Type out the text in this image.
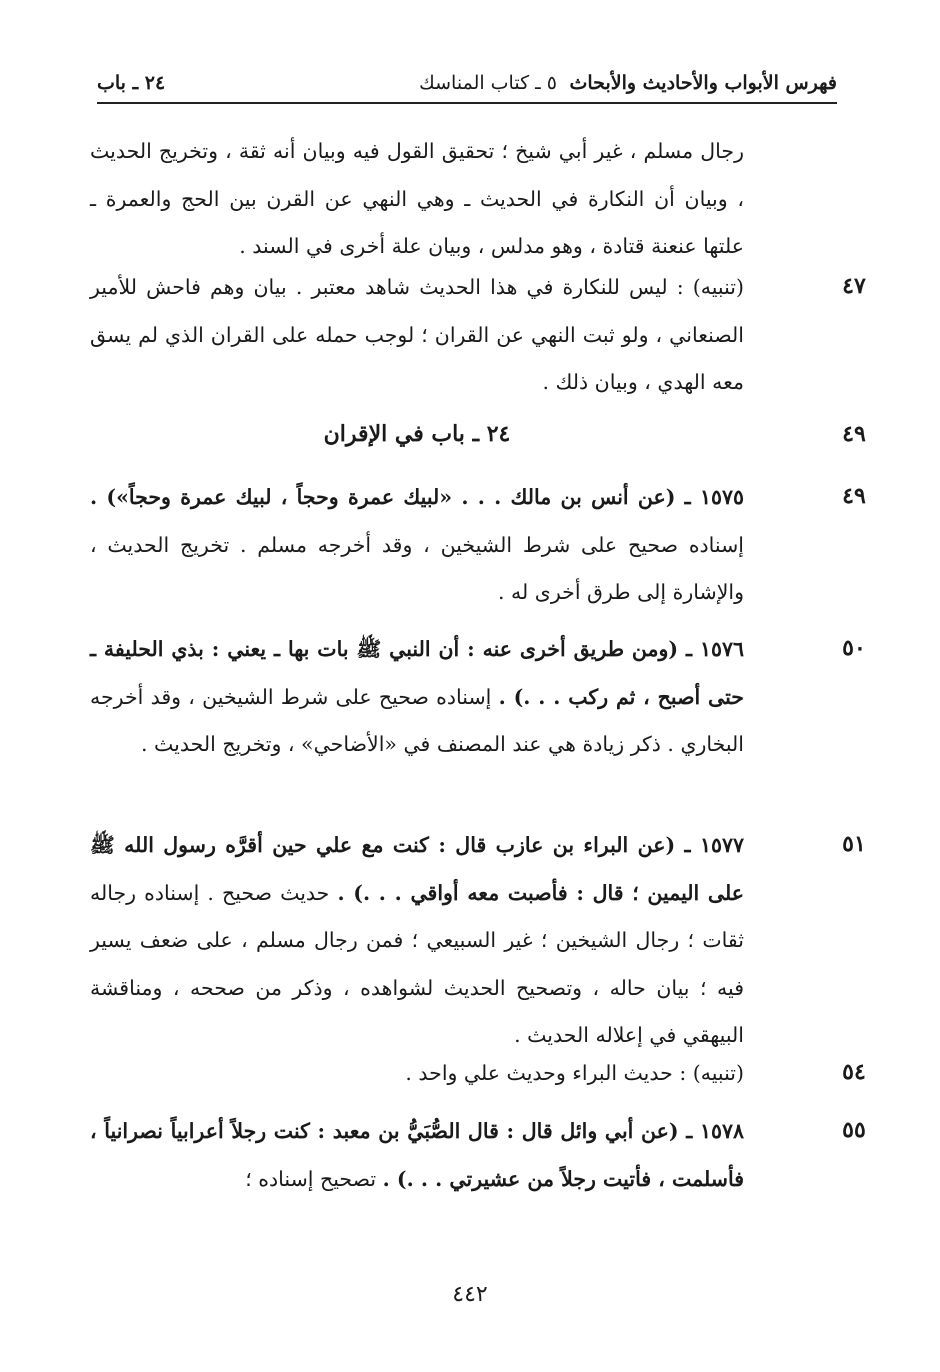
فهرس الأبواب والأحاديث والأبحاث
٥ ـ كتاب المناسك
٢٤ ـ باب
رجال مسلم ، غير أبي شيخ ؛ تحقيق القول فيه وبيان أنه ثقة ، وتخريج الحديث ، وبيان أن النكارة في الحديث ـ وهي النهي عن القرن بين الحج والعمرة ـ علتها عنعنة قتادة ، وهو مدلس ، وبيان علة أخرى في السند .
٤٧
(تنبيه) : ليس للنكارة في هذا الحديث شاهد معتبر . بيان وهم فاحش للأمير الصنعاني ، ولو ثبت النهي عن القران ؛ لوجب حمله على القران الذي لم يسق معه الهدي ، وبيان ذلك .
٤٩
٢٤ ـ باب في الإقران
٤٩
١٥٧٥ ـ (عن أنس بن مالك . . . «لبيك عمرة وحجاً ، لبيك عمرة وحجاً») . إسناده صحيح على شرط الشيخين ، وقد أخرجه مسلم . تخريج الحديث ، والإشارة إلى طرق أخرى له .
٥٠
١٥٧٦ ـ (ومن طريق أخرى عنه : أن النبي ﷺ بات بها ـ يعني : بذي الحليفة ـ حتى أصبح ، ثم ركب . . .) . إسناده صحيح على شرط الشيخين ، وقد أخرجه البخاري . ذكر زيادة هي عند المصنف في «الأضاحي» ، وتخريج الحديث .
٥١
١٥٧٧ ـ (عن البراء بن عازب قال : كنت مع علي حين أقرَّه رسول الله ﷺ على اليمين ؛ قال : فأصبت معه أواقي . . .) . حديث صحيح . إسناده رجاله ثقات ؛ رجال الشيخين ؛ غير السبيعي ؛ فمن رجال مسلم ، على ضعف يسير فيه ؛ بيان حاله ، وتصحيح الحديث لشواهده ، وذكر من صححه ، ومناقشة البيهقي في إعلاله الحديث .
٥٤
(تنبيه) : حديث البراء وحديث علي واحد .
٥٥
١٥٧٨ ـ (عن أبي وائل قال : قال الصُّبَيُّ بن معبد : كنت رجلاً أعرابياً نصرانياً ، فأسلمت ، فأتيت رجلاً من عشيرتي . . .) . تصحيح إسناده ؛
٤٤٢
